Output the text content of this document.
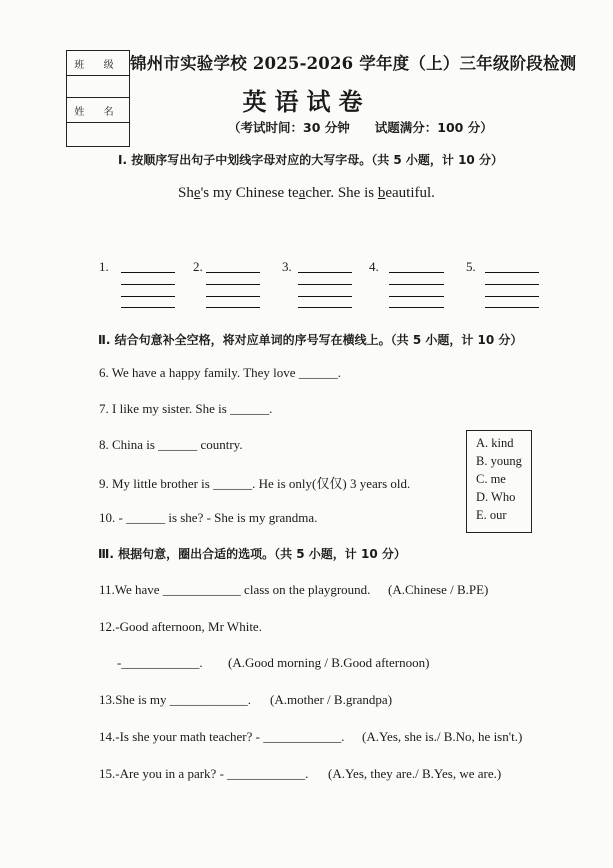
班 级
姓 名
锦州市实验学校 2025-2026 学年度（上）三年级阶段检测
英语试卷
（考试时间：30 分钟　　试题满分：100 分）
Ⅰ. 按顺序写出句子中划线字母对应的大写字母。（共 5 小题，计 10 分）
She's my Chinese teacher. She is beautiful.
1.	2.	3.	4.	5.
Ⅱ. 结合句意补全空格，将对应单词的序号写在横线上。（共 5 小题，计 10 分）
6. We have a happy family. They love ______.
7. I like my sister. She is ______.
8. China is ______ country.
9. My little brother is ______. He is only(仅仅) 3 years old.
10. - ______ is she? - She is my grandma.
A. kind
B. young
C. me
D. Who
E. our
Ⅲ. 根据句意，圈出合适的选项。（共 5 小题，计 10 分）
11.We have ____________ class on the playground. (A.Chinese / B.PE)
12.-Good afternoon, Mr White.
-____________. (A.Good morning / B.Good afternoon)
13.She is my ____________. (A.mother / B.grandpa)
14.-Is she your math teacher? - ____________. (A.Yes, she is./ B.No, he isn't.)
15.-Are you in a park? - ____________. (A.Yes, they are./ B.Yes, we are.)
